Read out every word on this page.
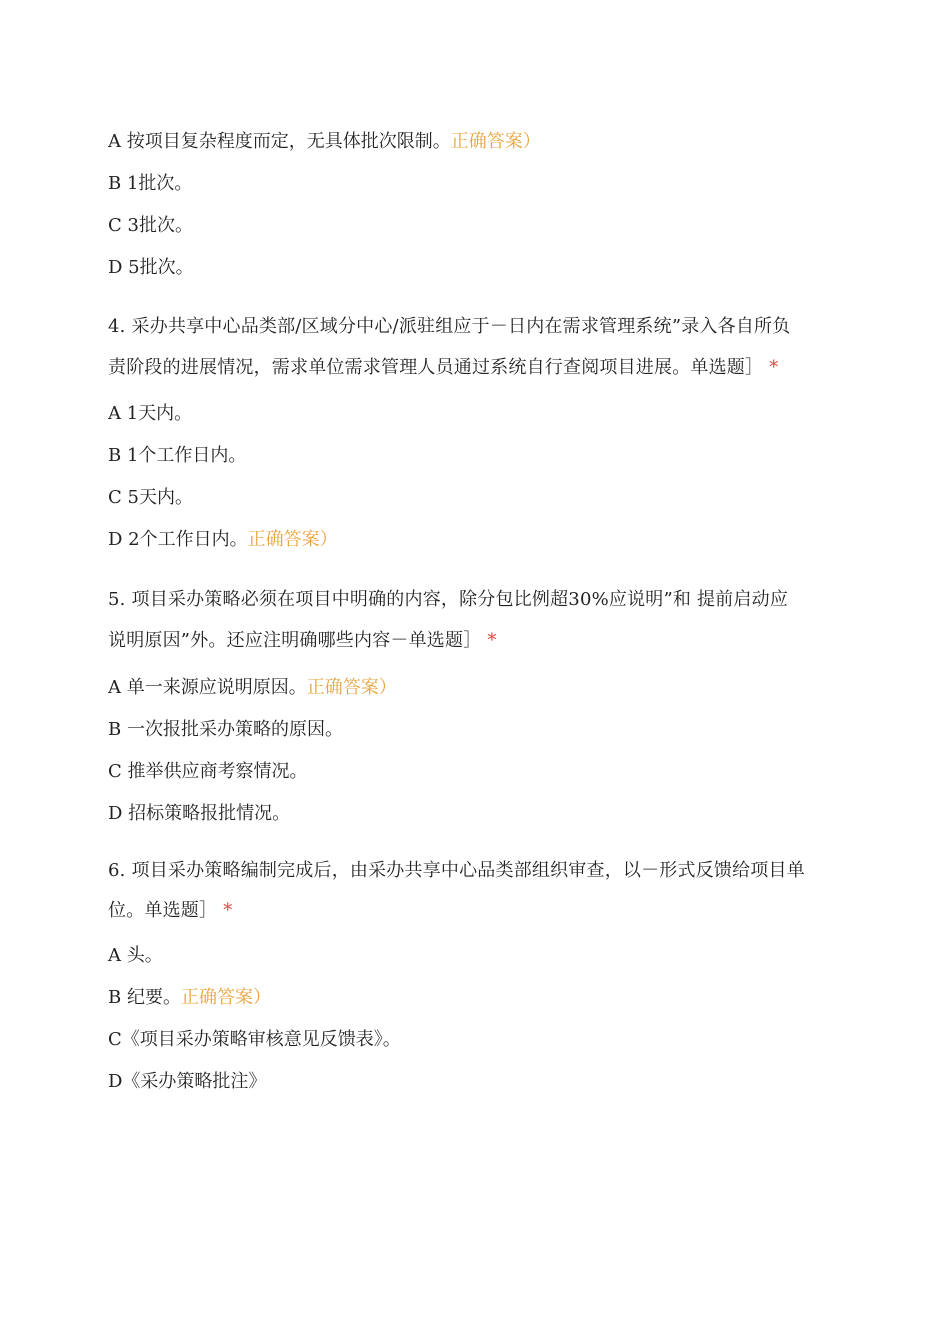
A 按项目复杂程度而定，无具体批次限制。正确答案）
B 1批次。
C 3批次。
D 5批次。
4. 采办共享中心品类部/区域分中心/派驻组应于－日内在需求管理系统”录入各自所负
责阶段的进展情况，需求单位需求管理人员通过系统自行查阅项目进展。单选题］ *
A 1天内。
B 1个工作日内。
C 5天内。
D 2个工作日内。正确答案）
5. 项目采办策略必须在项目中明确的内容，除分包比例超30%应说明”和 提前启动应
说明原因”外。还应注明确哪些内容－单选题］ *
A 单一来源应说明原因。正确答案）
B 一次报批采办策略的原因。
C 推举供应商考察情况。
D 招标策略报批情况。
6. 项目采办策略编制完成后，由采办共享中心品类部组织审查，以－形式反馈给项目单
位。单选题］ *
A 头。
B 纪要。正确答案）
C《项目采办策略审核意见反馈表》。
D《采办策略批注》
